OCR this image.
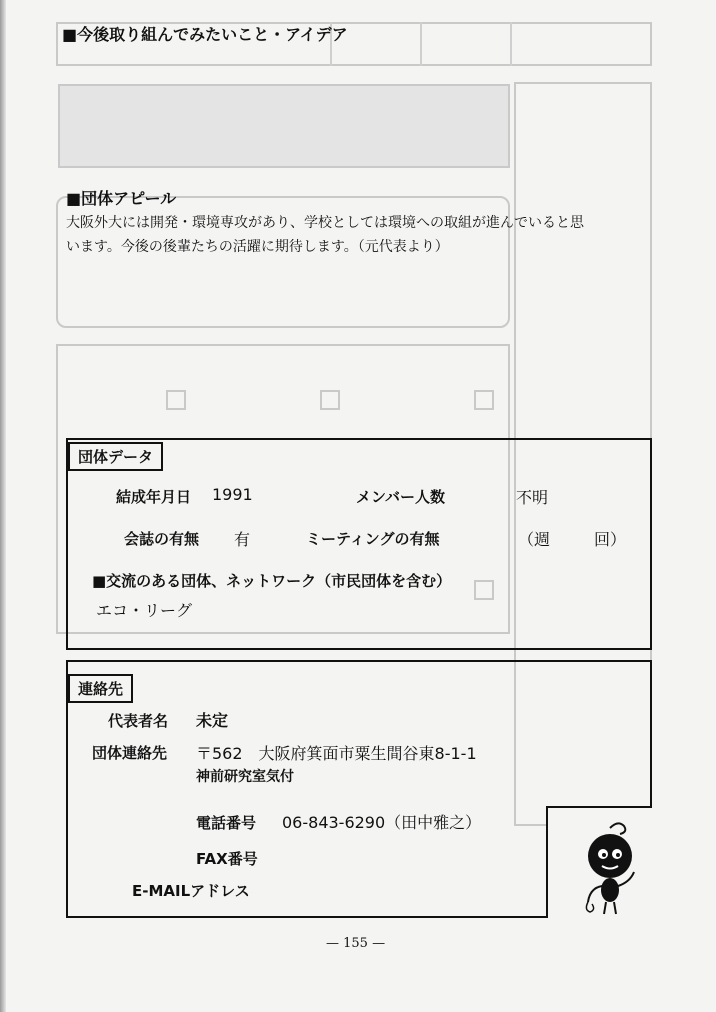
■今後取り組んでみたいこと・アイデア
■団体アピール
大阪外大には開発・環境専攻があり、学校としては環境への取組が進んでいると思
います。今後の後輩たちの活躍に期待します。（元代表より）
団体データ
結成年月日 1991	メンバー人数	不明
会誌の有無 有	ミーティングの有無	（週	回）
■交流のある団体、ネットワーク（市民団体を含む）
エコ・リーグ
連絡先
代表者名 未定
団体連絡先 〒562　大阪府箕面市粟生間谷東8-1-1
神前研究室気付
電話番号 06-843-6290（田中雅之）
FAX番号
E-MAILアドレス
— 155 —
